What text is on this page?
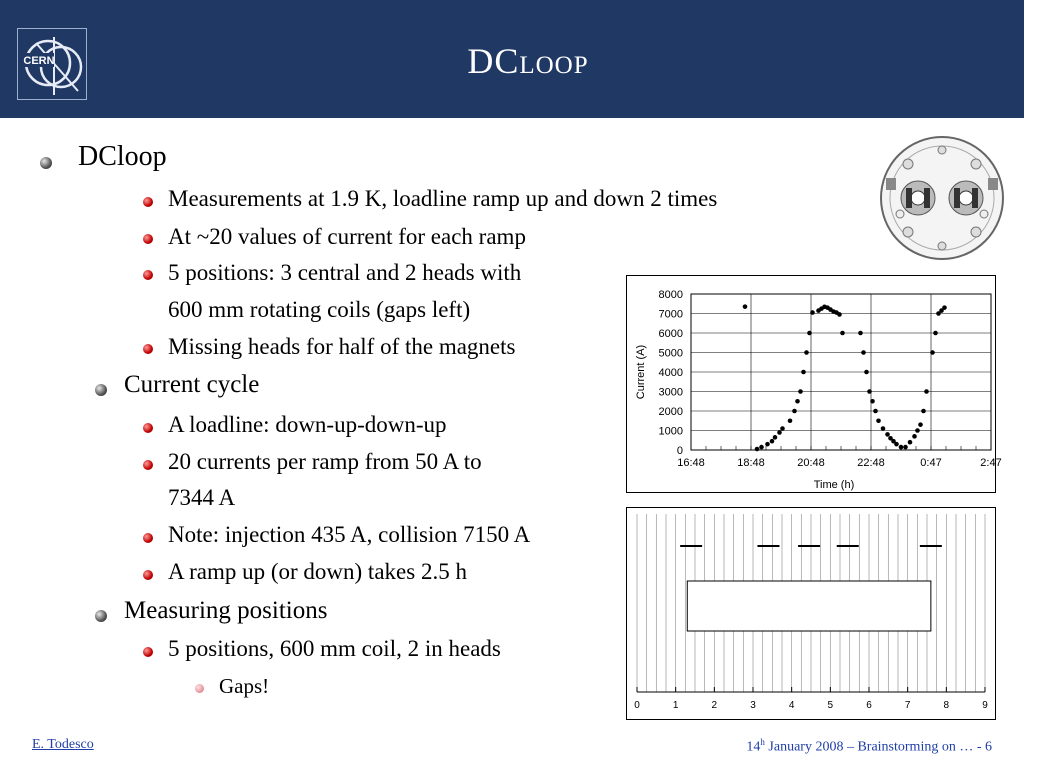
CERN	DCloop
DCloop
Measurements at 1.9 K, loadline ramp up and down 2 times
At ~20 values of current for each ramp
5 positions: 3 central and 2 heads with
600 mm rotating coils (gaps left)
Missing heads for half of the magnets
Current cycle
A loadline: down-up-down-up
20 currents per ramp from 50 A to
7344 A
Note: injection 435 A, collision 7150 A
A ramp up (or down) takes 2.5 h
Measuring positions
5 positions, 600 mm coil, 2 in heads
Gaps!
0
1000
2000
3000
4000
5000
6000
7000
8000
16:48	18:48	20:48	22:48	0:47	2:47
Time (h)
Current (A)
0	1	2	3	4	5	6	7	8	9
E. Todesco	14$^h$ January 2008 – Brainstorming on … - 6
